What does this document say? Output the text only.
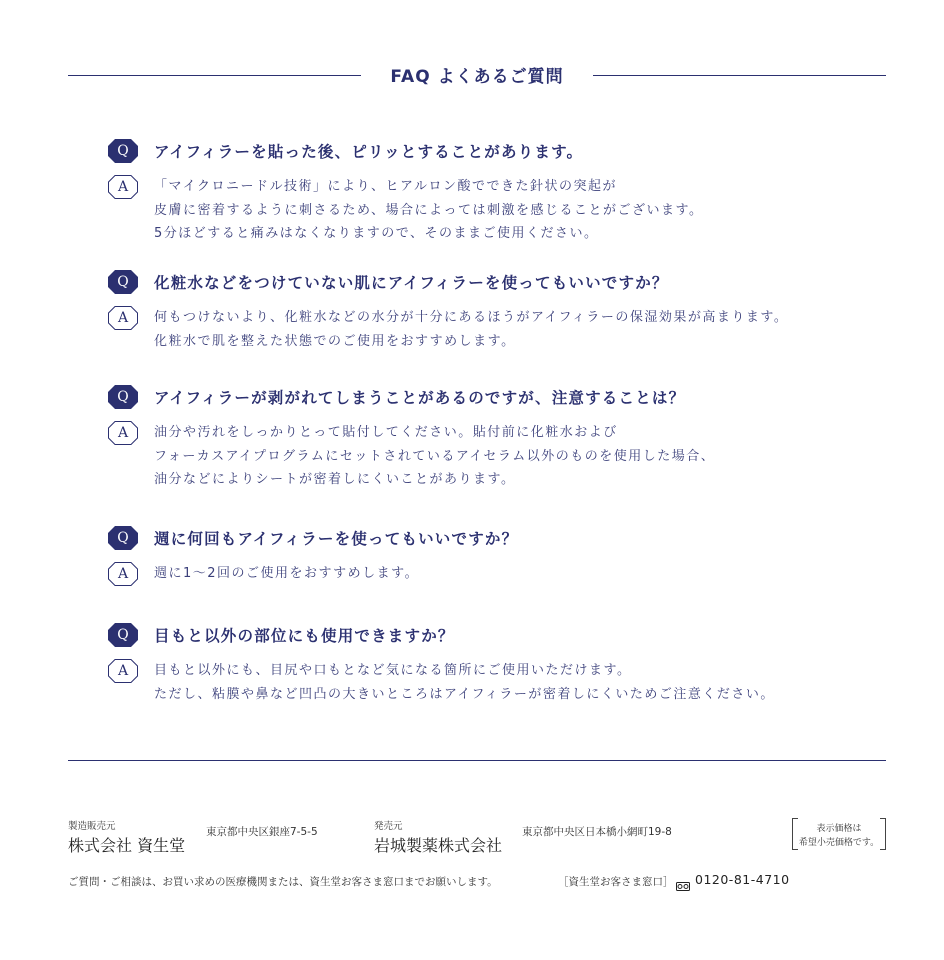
FAQ よくあるご質問
Q	アイフィラーを貼った後、ピリッとすることがあります。
A	「マイクロニードル技術」により、ヒアルロン酸でできた針状の突起が
皮膚に密着するように刺さるため、場合によっては刺激を感じることがございます。
5分ほどすると痛みはなくなりますので、そのままご使用ください。
Q	化粧水などをつけていない肌にアイフィラーを使ってもいいですか？
A	何もつけないより、化粧水などの水分が十分にあるほうがアイフィラーの保湿効果が高まります。
化粧水で肌を整えた状態でのご使用をおすすめします。
Q	アイフィラーが剥がれてしまうことがあるのですが、注意することは？
A	油分や汚れをしっかりとって貼付してください。貼付前に化粧水および
フォーカスアイプログラムにセットされているアイセラム以外のものを使用した場合、
油分などによりシートが密着しにくいことがあります。
Q	週に何回もアイフィラーを使ってもいいですか？
A	週に1〜2回のご使用をおすすめします。
Q	目もと以外の部位にも使用できますか？
A	目もと以外にも、目尻や口もとなど気になる箇所にご使用いただけます。
ただし、粘膜や鼻など凹凸の大きいところはアイフィラーが密着しにくいためご注意ください。
製造販売元
株式会社 資生堂
東京都中央区銀座7-5-5	発売元
岩城製薬株式会社
東京都中央区日本橋小網町19-8	表示価格は
希望小売価格です。
ご質問・ご相談は、お買い求めの医療機関または、資生堂お客さま窓口までお願いします。	［資生堂お客さま窓口］ 0120-81-4710
